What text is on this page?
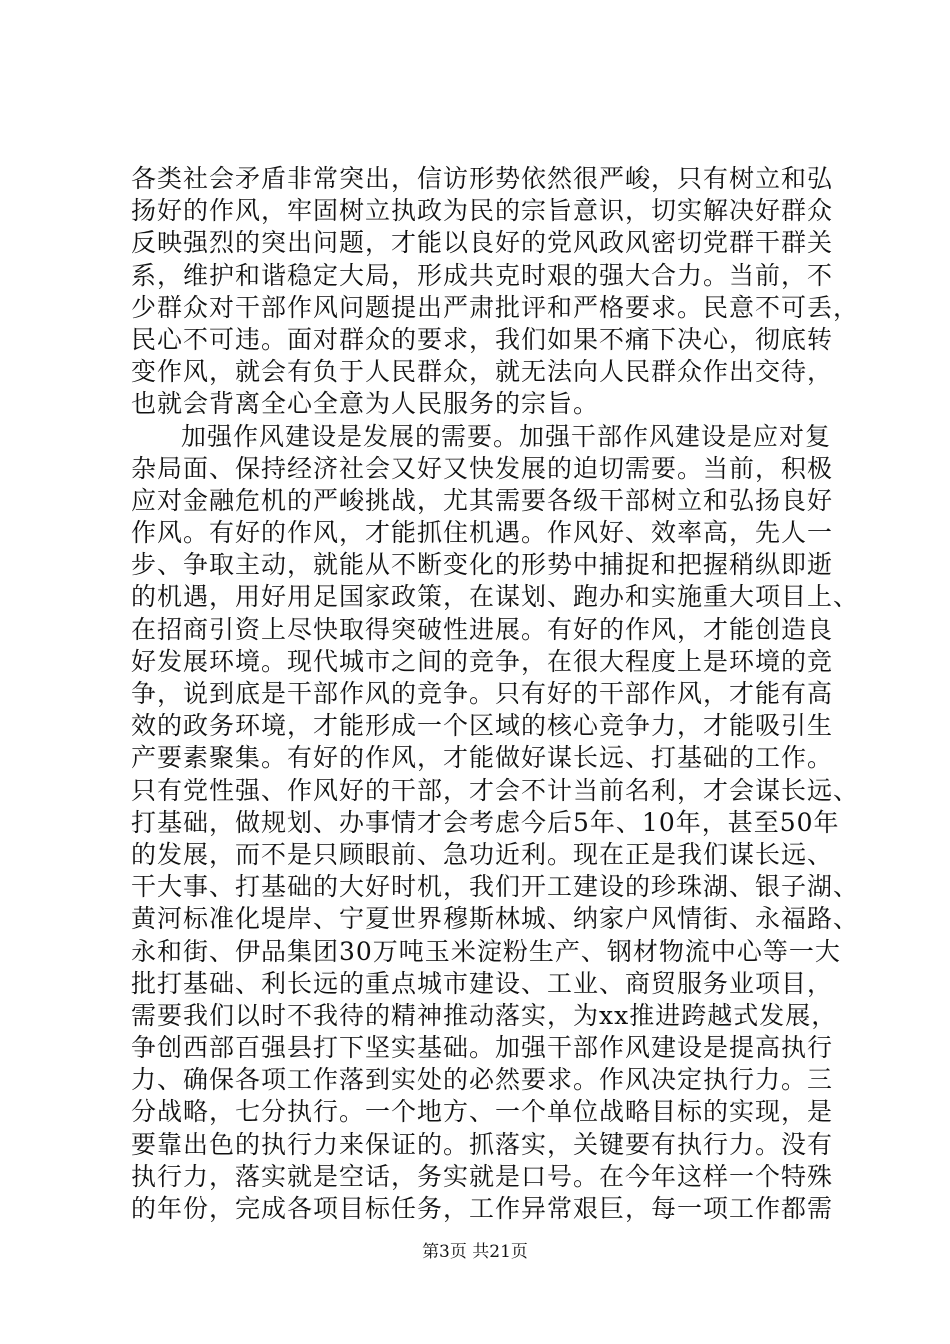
各类社会矛盾非常突出，信访形势依然很严峻，只有树立和弘
扬好的作风，牢固树立执政为民的宗旨意识，切实解决好群众
反映强烈的突出问题，才能以良好的党风政风密切党群干群关
系，维护和谐稳定大局，形成共克时艰的强大合力。当前，不
少群众对干部作风问题提出严肃批评和严格要求。民意不可丢，
民心不可违。面对群众的要求，我们如果不痛下决心，彻底转
变作风，就会有负于人民群众，就无法向人民群众作出交待，
也就会背离全心全意为人民服务的宗旨。
加强作风建设是发展的需要。加强干部作风建设是应对复
杂局面、保持经济社会又好又快发展的迫切需要。当前，积极
应对金融危机的严峻挑战，尤其需要各级干部树立和弘扬良好
作风。有好的作风，才能抓住机遇。作风好、效率高，先人一
步、争取主动，就能从不断变化的形势中捕捉和把握稍纵即逝
的机遇，用好用足国家政策，在谋划、跑办和实施重大项目上、
在招商引资上尽快取得突破性进展。有好的作风，才能创造良
好发展环境。现代城市之间的竞争，在很大程度上是环境的竞
争，说到底是干部作风的竞争。只有好的干部作风，才能有高
效的政务环境，才能形成一个区域的核心竞争力，才能吸引生
产要素聚集。有好的作风，才能做好谋长远、打基础的工作。
只有党性强、作风好的干部，才会不计当前名利，才会谋长远、
打基础，做规划、办事情才会考虑今后5年、10年，甚至50年
的发展，而不是只顾眼前、急功近利。现在正是我们谋长远、
干大事、打基础的大好时机，我们开工建设的珍珠湖、银子湖、
黄河标准化堤岸、宁夏世界穆斯林城、纳家户风情街、永福路、
永和街、伊品集团30万吨玉米淀粉生产、钢材物流中心等一大
批打基础、利长远的重点城市建设、工业、商贸服务业项目，
需要我们以时不我待的精神推动落实，为xx推进跨越式发展，
争创西部百强县打下坚实基础。加强干部作风建设是提高执行
力、确保各项工作落到实处的必然要求。作风决定执行力。三
分战略，七分执行。一个地方、一个单位战略目标的实现，是
要靠出色的执行力来保证的。抓落实，关键要有执行力。没有
执行力，落实就是空话，务实就是口号。在今年这样一个特殊
的年份，完成各项目标任务，工作异常艰巨，每一项工作都需
第3页 共21页
